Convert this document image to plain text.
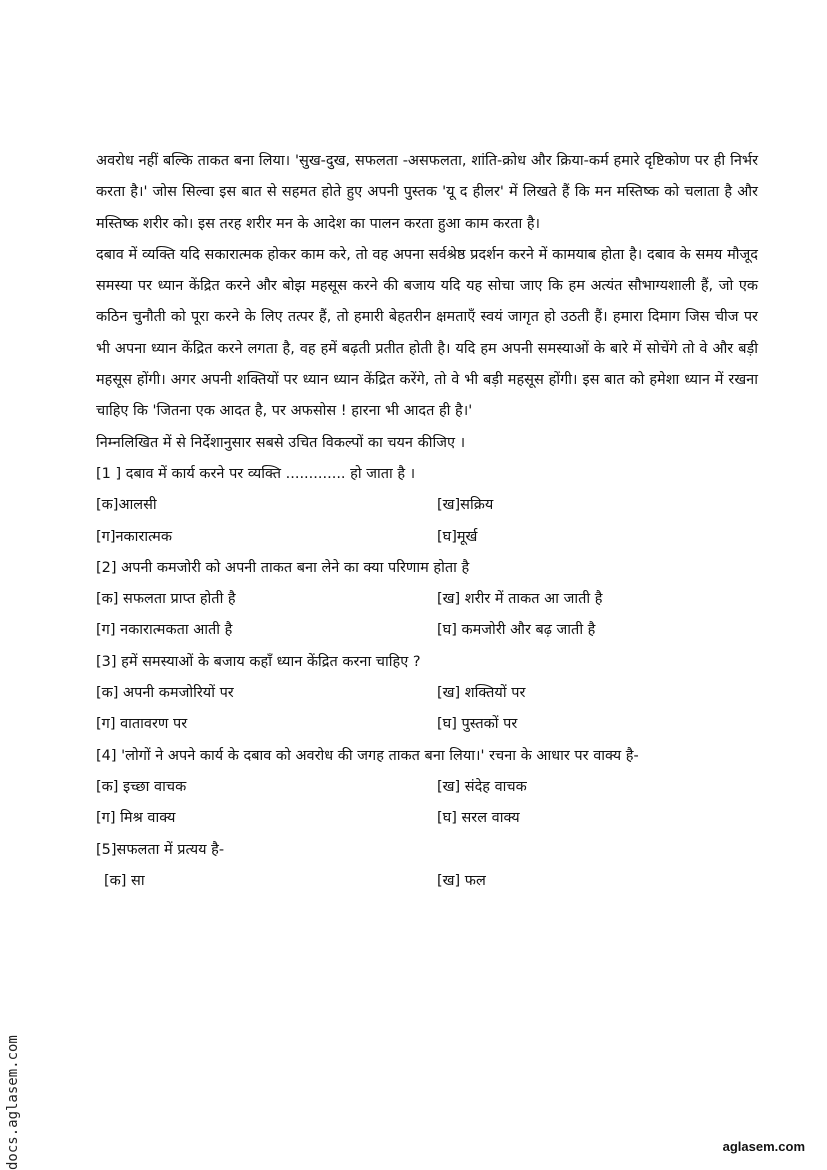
अवरोध नहीं बल्कि ताकत बना लिया। 'सुख-दुख, सफलता -असफलता, शांति-क्रोध और क्रिया-कर्म हमारे दृष्टिकोण पर ही निर्भर करता है।' जोस सिल्वा इस बात से सहमत होते हुए अपनी पुस्तक 'यू द हीलर' में लिखते हैं कि मन मस्तिष्क को चलाता है और मस्तिष्क शरीर को। इस तरह शरीर मन के आदेश का पालन करता हुआ काम करता है।

दबाव में व्यक्ति यदि सकारात्मक होकर काम करे, तो वह अपना सर्वश्रेष्ठ प्रदर्शन करने में कामयाब होता है। दबाव के समय मौजूद समस्या पर ध्यान केंद्रित करने और बोझ महसूस करने की बजाय यदि यह सोचा जाए कि हम अत्यंत सौभाग्यशाली हैं, जो एक कठिन चुनौती को पूरा करने के लिए तत्पर हैं, तो हमारी बेहतरीन क्षमताएँ स्वयं जागृत हो उठती हैं। हमारा दिमाग जिस चीज पर भी अपना ध्यान केंद्रित करने लगता है, वह हमें बढ़ती प्रतीत होती है। यदि हम अपनी समस्याओं के बारे में सोचेंगे तो वे और बड़ी महसूस होंगी। अगर अपनी शक्तियों पर ध्यान ध्यान केंद्रित करेंगे, तो वे भी बड़ी महसूस होंगी। इस बात को हमेशा ध्यान में रखना चाहिए कि 'जितना एक आदत है, पर अफसोस ! हारना भी आदत ही है।'

निम्नलिखित में से निर्देशानुसार सबसे उचित विकल्पों का चयन कीजिए ।

[1 ] दबाव में कार्य करने पर व्यक्ति ............. हो जाता है ।

[क]आलसी	[ख]सक्रिय
[ग]नकारात्मक	[घ]मूर्ख

[2] अपनी कमजोरी को अपनी ताकत बना लेने का क्या परिणाम होता है

[क] सफलता प्राप्त होती है	[ख] शरीर में ताकत आ जाती है
[ग] नकारात्मकता आती है	[घ] कमजोरी और बढ़ जाती है

[3] हमें समस्याओं के बजाय कहाँ ध्यान केंद्रित करना चाहिए ?

[क] अपनी कमजोरियों पर	[ख] शक्तियों पर
[ग] वातावरण पर	[घ] पुस्तकों पर

[4] 'लोगों ने अपने कार्य के दबाव को अवरोध की जगह ताकत बना लिया।' रचना के आधार पर वाक्य है-

[क] इच्छा वाचक	[ख] संदेह वाचक
[ग] मिश्र वाक्य	[घ] सरल वाक्य

[5]सफलता में प्रत्यय है-

[क] सा	[ख] फल
docs.aglasem.com	aglasem.com
